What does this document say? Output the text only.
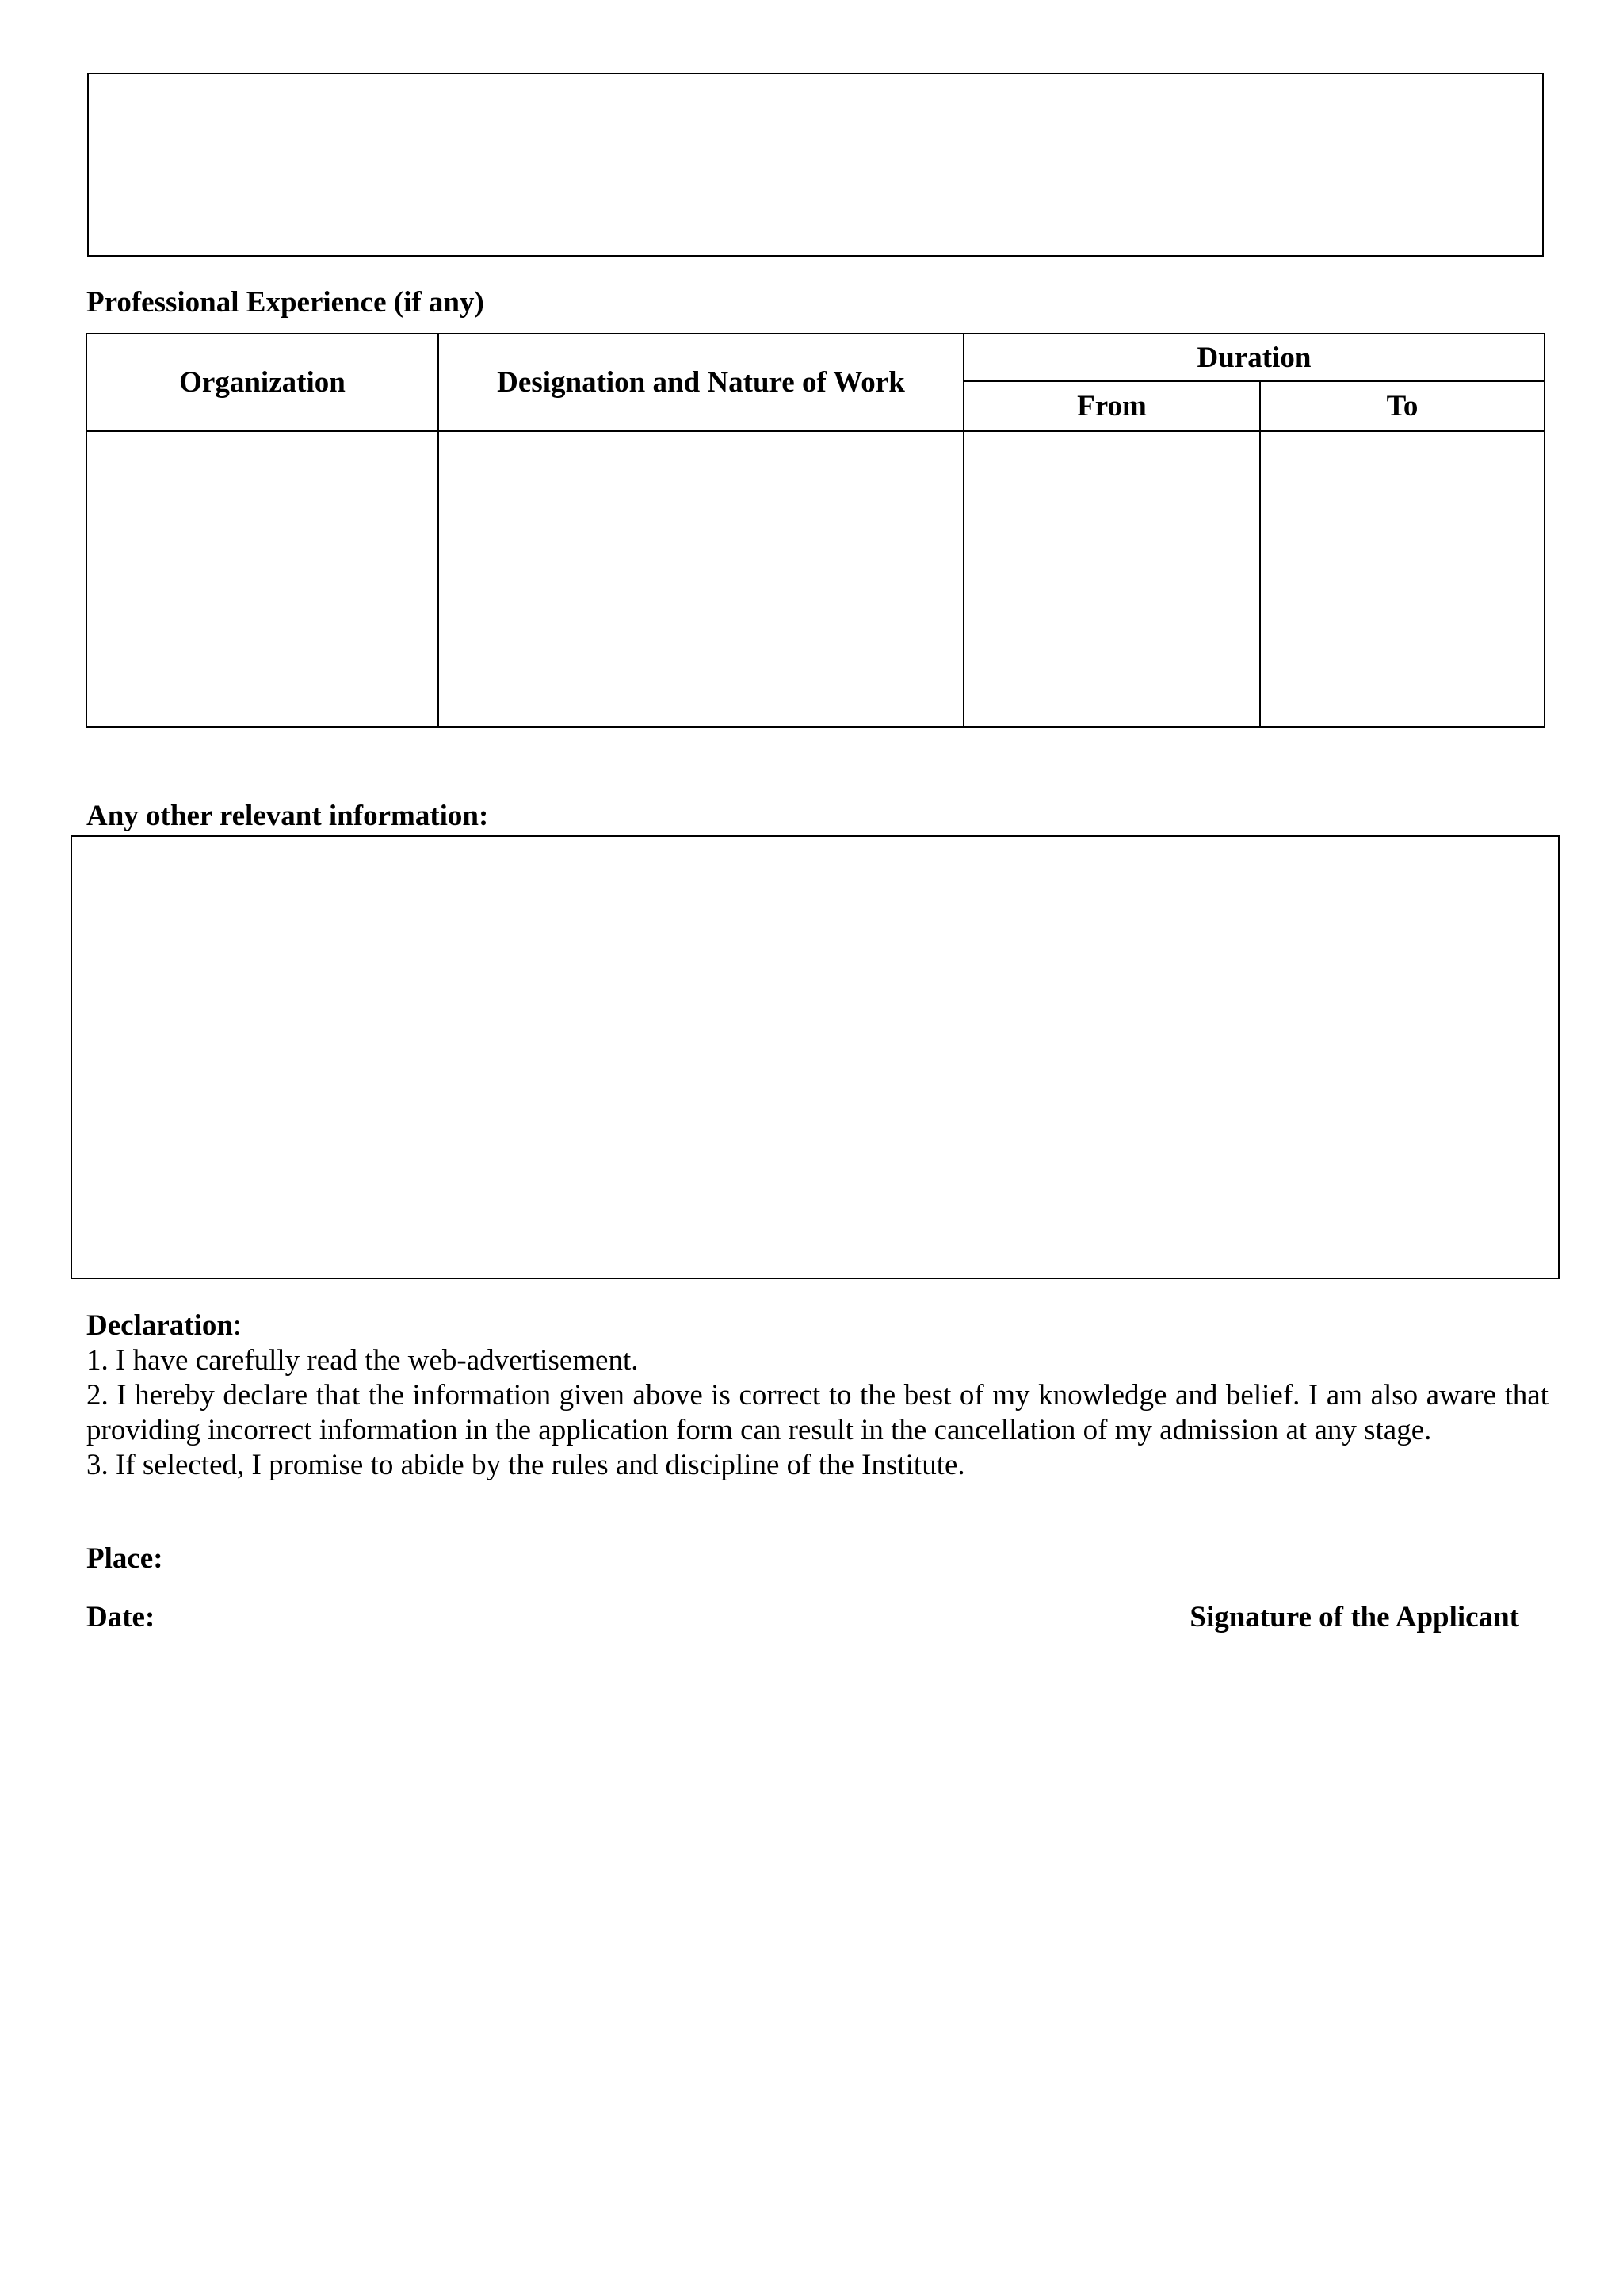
Professional Experience (if any)
Organization	Designation and Nature of Work	Duration	
		From	To

Any other relevant information:
Declaration:
1. I have carefully read the web-advertisement.
2. I hereby declare that the information given above is correct to the best of my knowledge and belief. I am also aware that providing incorrect information in the application form can result in the cancellation of my admission at any stage.
3. If selected, I promise to abide by the rules and discipline of the Institute.
Place:
Date:	Signature of the Applicant
